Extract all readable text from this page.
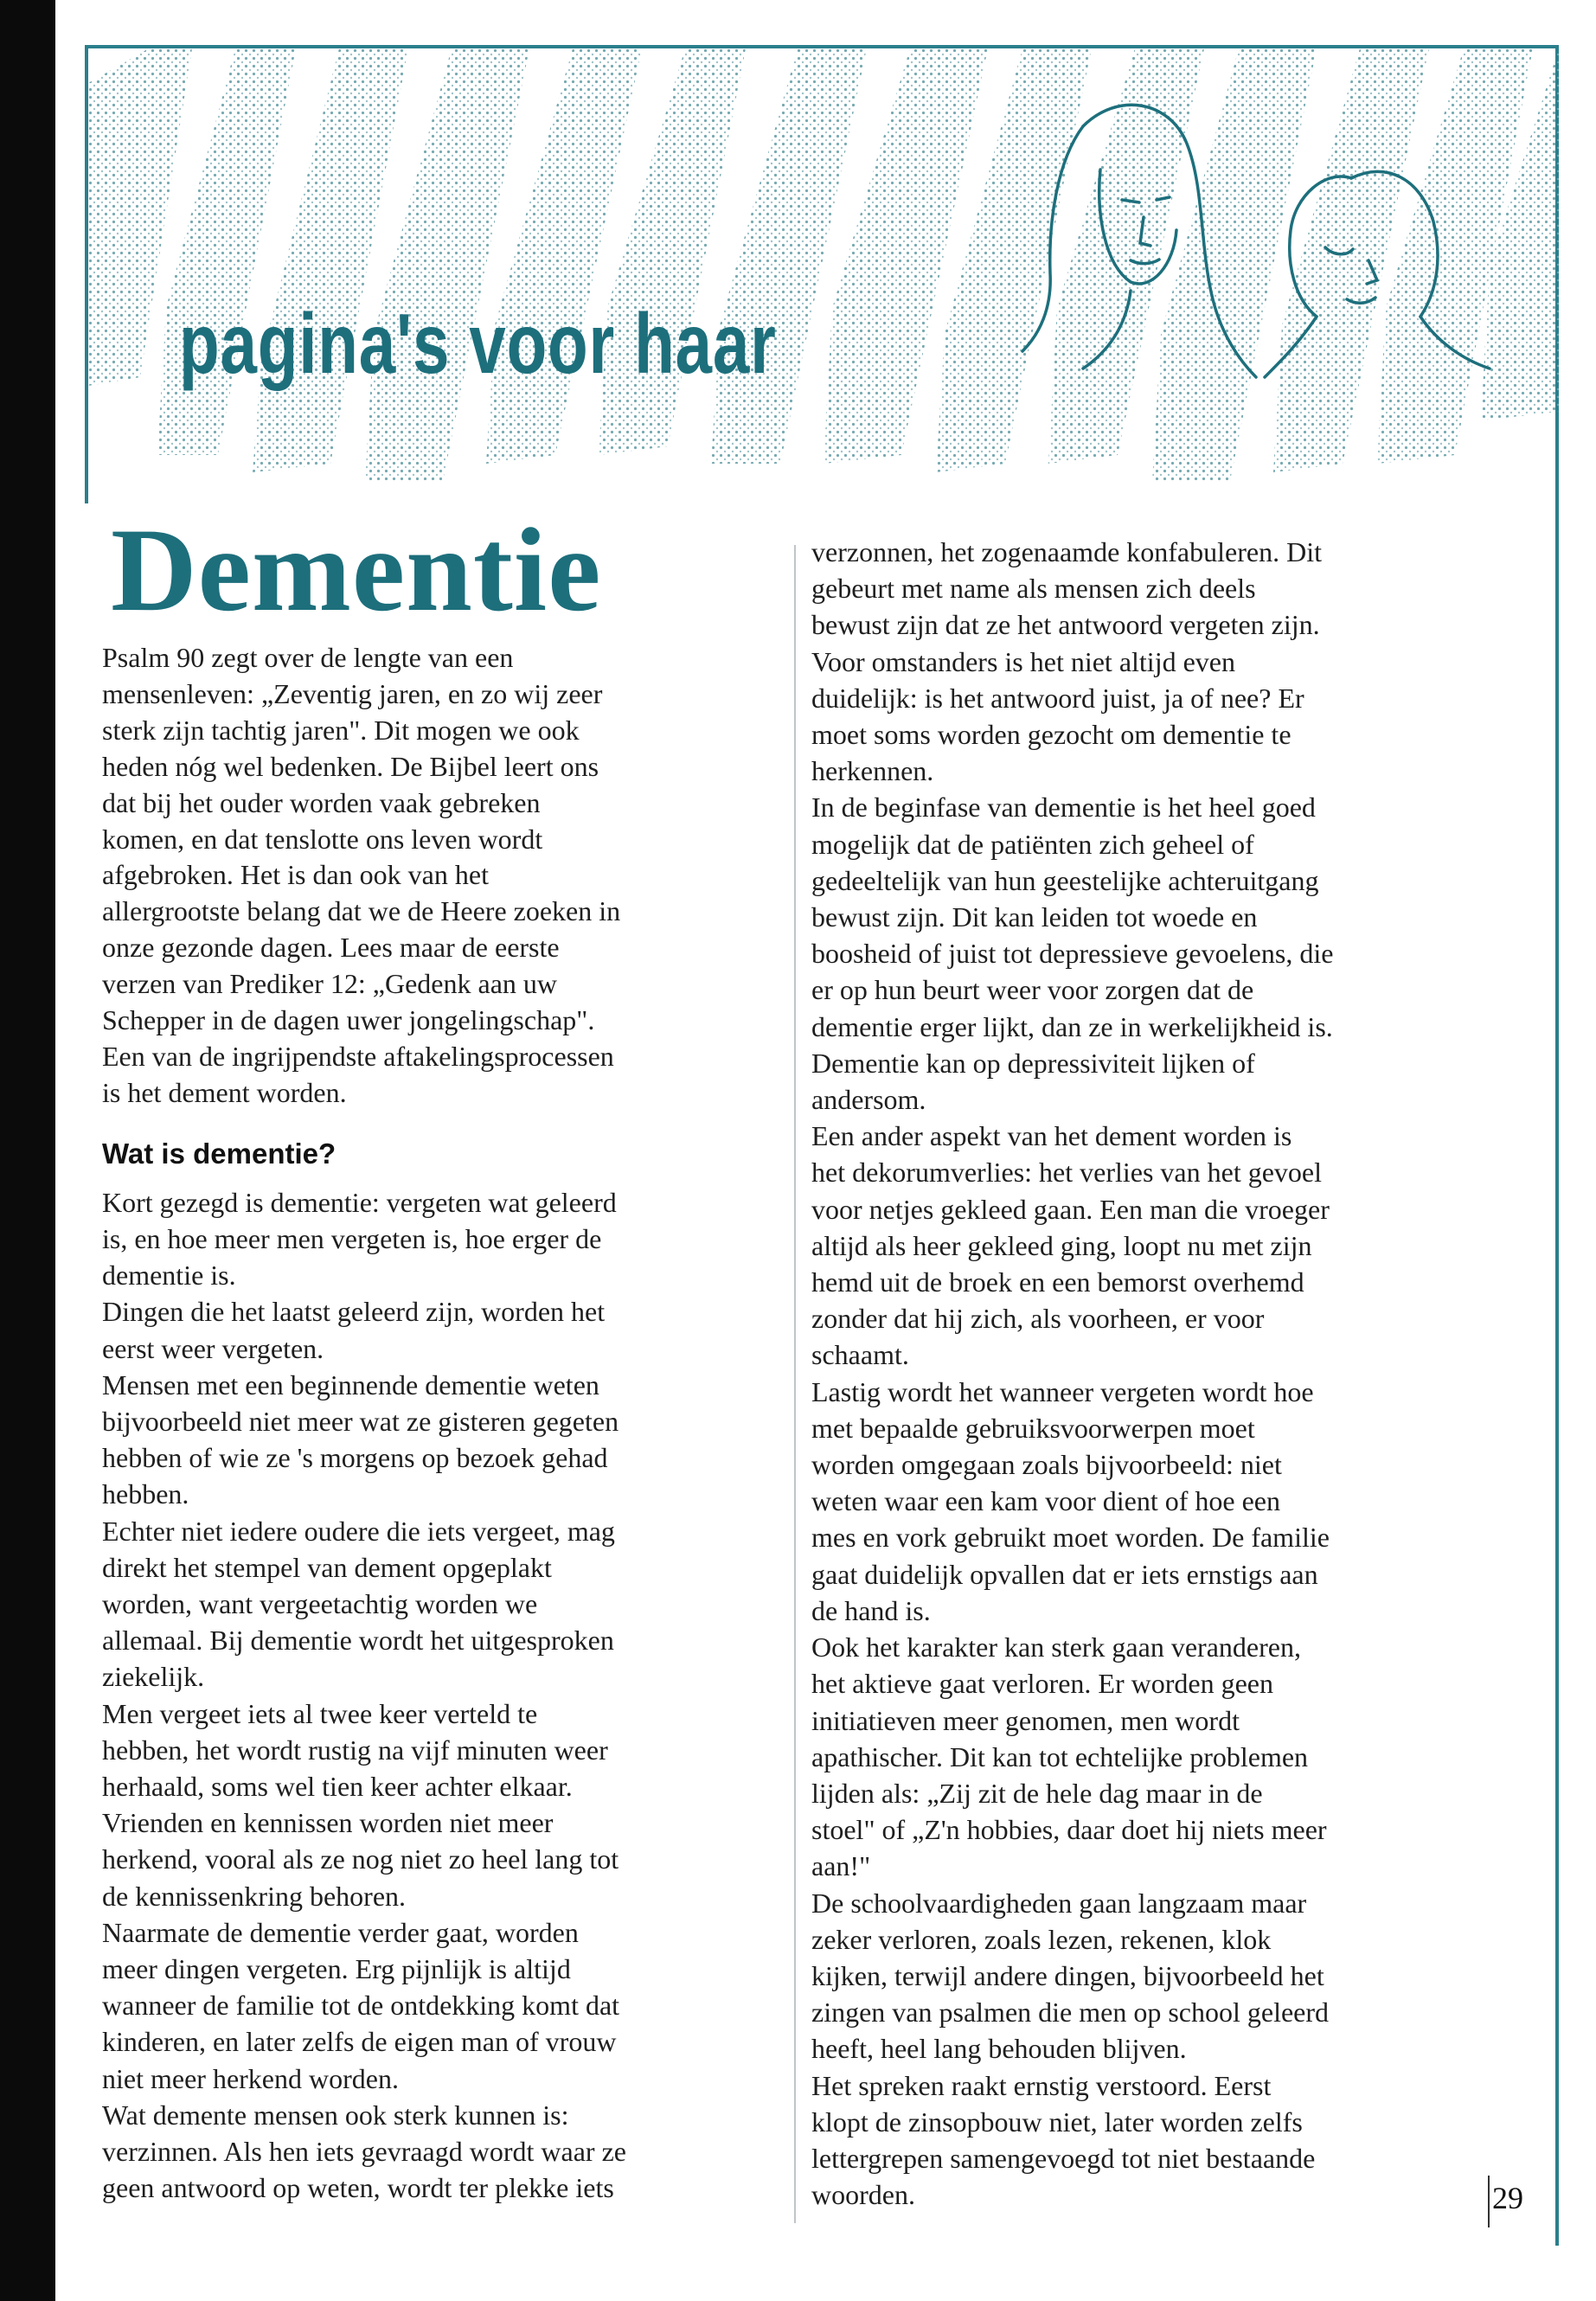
pagina's voor haar
Dementie

Psalm 90 zegt over de lengte van een
mensenleven: „Zeventig jaren, en zo wij zeer
sterk zijn tachtig jaren". Dit mogen we ook
heden nóg wel bedenken. De Bijbel leert ons
dat bij het ouder worden vaak gebreken
komen, en dat tenslotte ons leven wordt
afgebroken. Het is dan ook van het
allergrootste belang dat we de Heere zoeken in
onze gezonde dagen. Lees maar de eerste
verzen van Prediker 12: „Gedenk aan uw
Schepper in de dagen uwer jongelingschap".
Een van de ingrijpendste aftakelingsprocessen
is het dement worden.

Wat is dementie?

Kort gezegd is dementie: vergeten wat geleerd
is, en hoe meer men vergeten is, hoe erger de
dementie is.

Dingen die het laatst geleerd zijn, worden het
eerst weer vergeten.

Mensen met een beginnende dementie weten
bijvoorbeeld niet meer wat ze gisteren gegeten
hebben of wie ze 's morgens op bezoek gehad
hebben.

Echter niet iedere oudere die iets vergeet, mag
direkt het stempel van dement opgeplakt
worden, want vergeetachtig worden we
allemaal. Bij dementie wordt het uitgesproken
ziekelijk.

Men vergeet iets al twee keer verteld te
hebben, het wordt rustig na vijf minuten weer
herhaald, soms wel tien keer achter elkaar.

Vrienden en kennissen worden niet meer
herkend, vooral als ze nog niet zo heel lang tot
de kennissenkring behoren.

Naarmate de dementie verder gaat, worden
meer dingen vergeten. Erg pijnlijk is altijd
wanneer de familie tot de ontdekking komt dat
kinderen, en later zelfs de eigen man of vrouw
niet meer herkend worden.

Wat demente mensen ook sterk kunnen is:
verzinnen. Als hen iets gevraagd wordt waar ze
geen antwoord op weten, wordt ter plekke iets

verzonnen, het zogenaamde konfabuleren. Dit
gebeurt met name als mensen zich deels
bewust zijn dat ze het antwoord vergeten zijn.
Voor omstanders is het niet altijd even
duidelijk: is het antwoord juist, ja of nee? Er
moet soms worden gezocht om dementie te
herkennen.

In de beginfase van dementie is het heel goed
mogelijk dat de patiënten zich geheel of
gedeeltelijk van hun geestelijke achteruitgang
bewust zijn. Dit kan leiden tot woede en
boosheid of juist tot depressieve gevoelens, die
er op hun beurt weer voor zorgen dat de
dementie erger lijkt, dan ze in werkelijkheid is.
Dementie kan op depressiviteit lijken of
andersom.

Een ander aspekt van het dement worden is
het dekorumverlies: het verlies van het gevoel
voor netjes gekleed gaan. Een man die vroeger
altijd als heer gekleed ging, loopt nu met zijn
hemd uit de broek en een bemorst overhemd
zonder dat hij zich, als voorheen, er voor
schaamt.

Lastig wordt het wanneer vergeten wordt hoe
met bepaalde gebruiksvoorwerpen moet
worden omgegaan zoals bijvoorbeeld: niet
weten waar een kam voor dient of hoe een
mes en vork gebruikt moet worden. De familie
gaat duidelijk opvallen dat er iets ernstigs aan
de hand is.

Ook het karakter kan sterk gaan veranderen,
het aktieve gaat verloren. Er worden geen
initiatieven meer genomen, men wordt
apathischer. Dit kan tot echtelijke problemen
lijden als: „Zij zit de hele dag maar in de
stoel" of „Z'n hobbies, daar doet hij niets meer
aan!"

De schoolvaardigheden gaan langzaam maar
zeker verloren, zoals lezen, rekenen, klok
kijken, terwijl andere dingen, bijvoorbeeld het
zingen van psalmen die men op school geleerd
heeft, heel lang behouden blijven.

Het spreken raakt ernstig verstoord. Eerst
klopt de zinsopbouw niet, later worden zelfs
lettergrepen samengevoegd tot niet bestaande
woorden.	29
